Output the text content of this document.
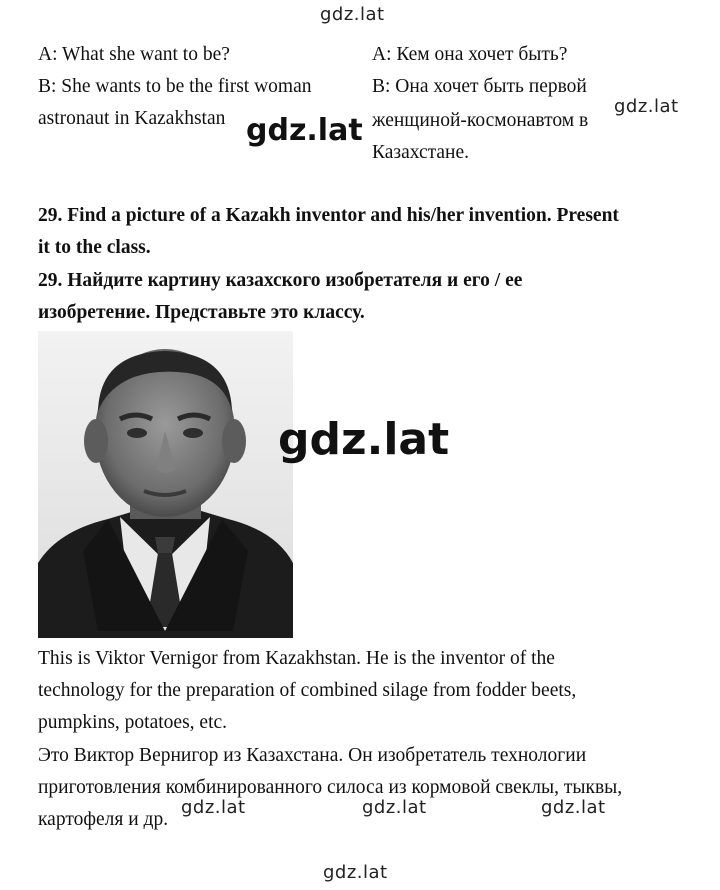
gdz.lat
gdz.lat
gdz.lat
gdz.lat	gdz.lat	gdz.lat
gdz.lat
A: What she want to be?
B: She wants to be the first woman
astronaut in Kazakhstan
A: Кем она хочет быть?
B: Она хочет быть первой
женщиной-космонавтом в
Казахстане.
29. Find a picture of a Kazakh inventor and his/her invention. Present
it to the class.
29. Найдите картину казахского изобретателя и его / ее
изобретение. Представьте это классу.
gdz.lat
This is Viktor Vernigor from Kazakhstan. He is the inventor of the
technology for the preparation of combined silage from fodder beets,
pumpkins, potatoes, etc.
Это Виктор Вернигор из Казахстана. Он изобретатель технологии
приготовления комбинированного силоса из кормовой свеклы, тыквы,
картофеля и др.
